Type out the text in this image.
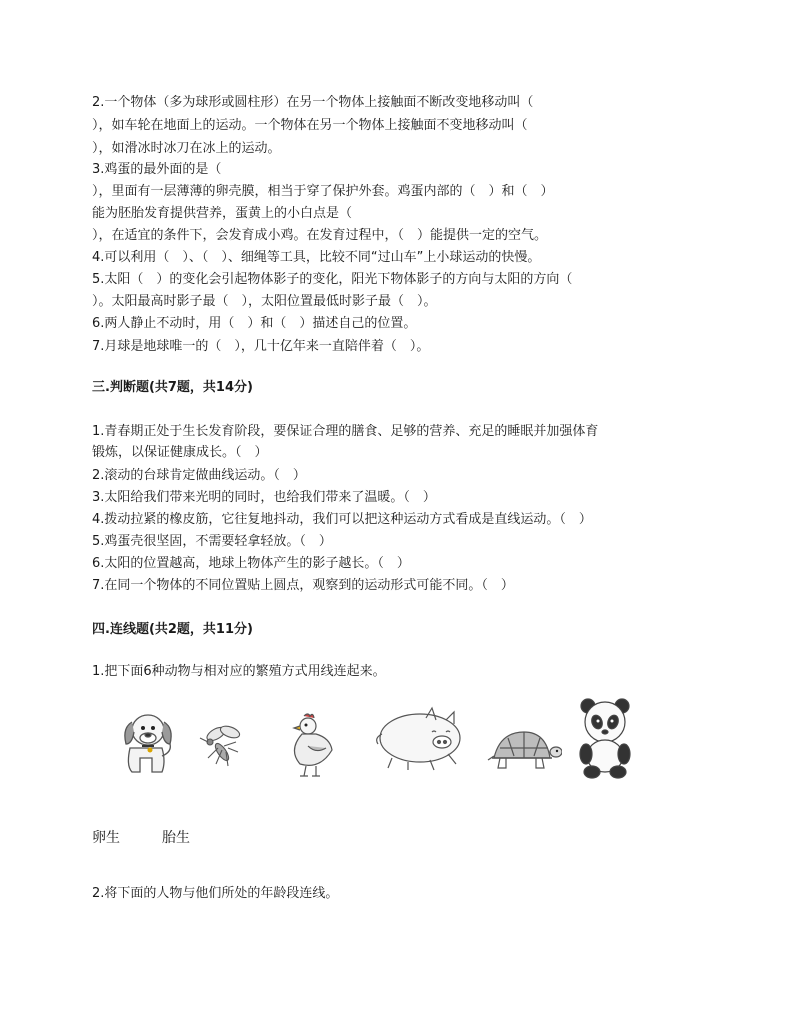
2.一个物体（多为球形或圆柱形）在另一个物体上接触面不断改变地移动叫（
），如车轮在地面上的运动。一个物体在另一个物体上接触面不变地移动叫（
），如滑冰时冰刀在冰上的运动。
3.鸡蛋的最外面的是（
），里面有一层薄薄的卵壳膜，相当于穿了保护外套。鸡蛋内部的（　）和（　）
能为胚胎发育提供营养，蛋黄上的小白点是（
），在适宜的条件下，会发育成小鸡。在发育过程中，（　）能提供一定的空气。
4.可以利用（　）、（　）、细绳等工具，比较不同“过山车”上小球运动的快慢。
5.太阳（　）的变化会引起物体影子的变化，阳光下物体影子的方向与太阳的方向（
）。太阳最高时影子最（　），太阳位置最低时影子最（　）。
6.两人静止不动时，用（　）和（　）描述自己的位置。
7.月球是地球唯一的（　），几十亿年来一直陪伴着（　）。
三.判断题(共7题，共14分)
1.青春期正处于生长发育阶段，要保证合理的膳食、足够的营养、充足的睡眠并加强体育
锻炼，以保证健康成长。（　）
2.滚动的台球肯定做曲线运动。（　）
3.太阳给我们带来光明的同时，也给我们带来了温暖。（　）
4.拨动拉紧的橡皮筋，它往复地抖动，我们可以把这种运动方式看成是直线运动。（　）
5.鸡蛋壳很坚固，不需要轻拿轻放。（　）
6.太阳的位置越高，地球上物体产生的影子越长。（　）
7.在同一个物体的不同位置贴上圆点，观察到的运动形式可能不同。（　）
四.连线题(共2题，共11分)
1.把下面6种动物与相对应的繁殖方式用线连起来。
卵生	胎生
2.将下面的人物与他们所处的年龄段连线。
